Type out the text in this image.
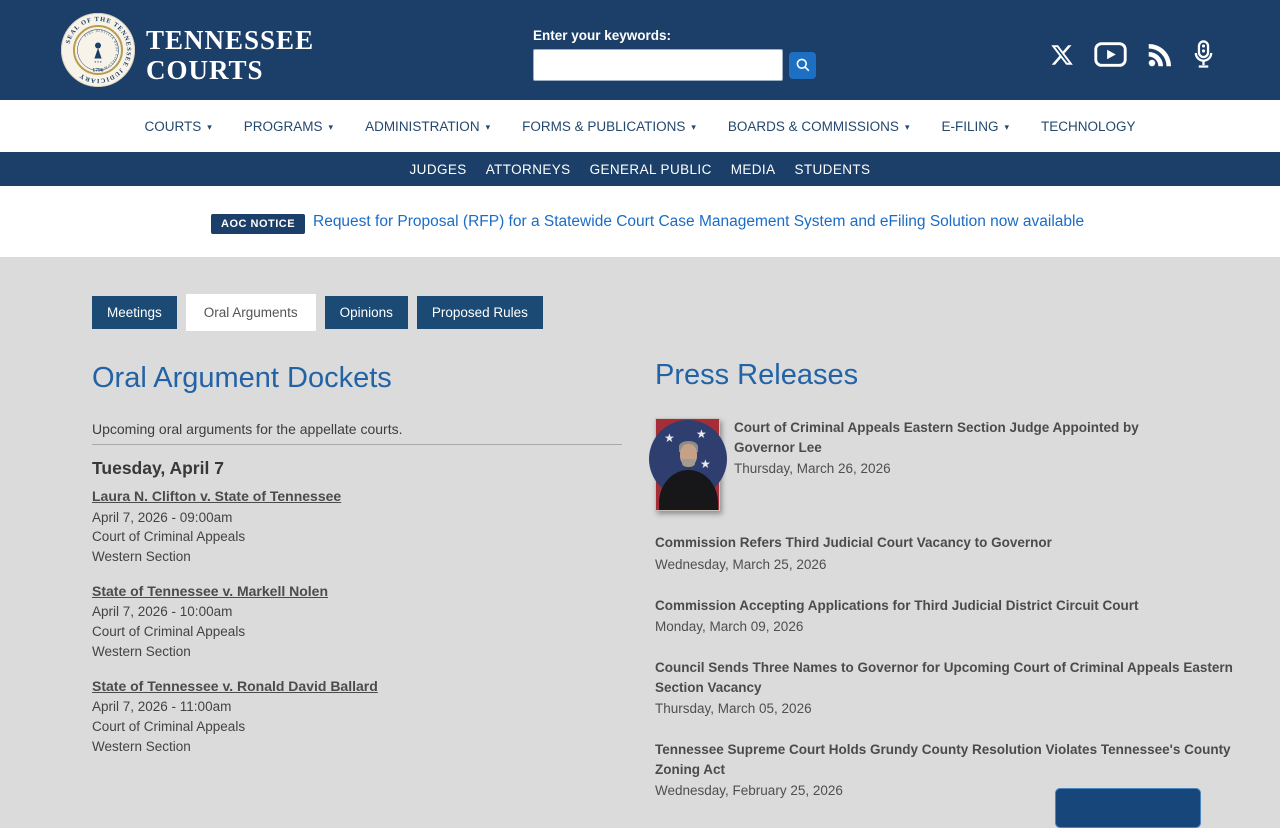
SEAL OF THE TENNESSEE JUDICIARY
FIAT JUSTITIA RUAT COELUM
• • •
1796
TENNESSEE
COURTS
Enter your keywords:
COURTS ▾ PROGRAMS ▾ ADMINISTRATION ▾ FORMS & PUBLICATIONS ▾ BOARDS & COMMISSIONS ▾ E-FILING ▾ TECHNOLOGY
JUDGES ATTORNEYS GENERAL PUBLIC MEDIA STUDENTS
AOC NOTICE	Request for Proposal (RFP) for a Statewide Court Case Management System and eFiling Solution now available
Meetings	Oral Arguments	Opinions	Proposed Rules
Oral Argument Dockets

Upcoming oral arguments for the appellate courts.

Tuesday, April 7
Laura N. Clifton v. State of Tennessee
April 7, 2026 - 09:00am
Court of Criminal Appeals
Western Section
State of Tennessee v. Markell Nolen
April 7, 2026 - 10:00am
Court of Criminal Appeals
Western Section
State of Tennessee v. Ronald David Ballard
April 7, 2026 - 11:00am
Court of Criminal Appeals
Western Section
Press Releases
★ ★
★
Court of Criminal Appeals Eastern Section Judge Appointed by Governor Lee
Thursday, March 26, 2026
Commission Refers Third Judicial Court Vacancy to Governor
Wednesday, March 25, 2026
Commission Accepting Applications for Third Judicial District Circuit Court
Monday, March 09, 2026
Council Sends Three Names to Governor for Upcoming Court of Criminal Appeals Eastern Section Vacancy
Thursday, March 05, 2026
Tennessee Supreme Court Holds Grundy County Resolution Violates Tennessee's County Zoning Act
Wednesday, February 25, 2026
